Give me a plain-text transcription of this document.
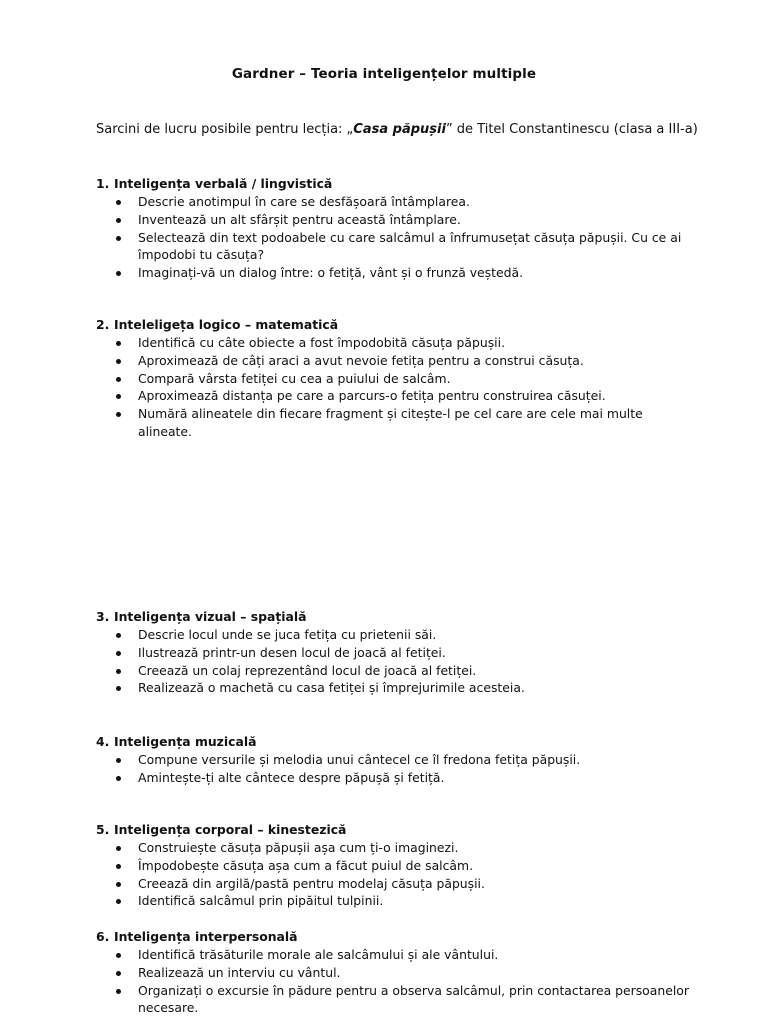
Gardner – Teoria inteligențelor multiple
Sarcini de lucru posibile pentru lecția: „Casa păpușii” de Titel Constantinescu (clasa a III-a)
1. Inteligența verbală / lingvistică
Descrie anotimpul în care se desfășoară întâmplarea.
Inventează un alt sfârșit pentru această întâmplare.
Selectează din text podoabele cu care salcâmul a înfrumusețat căsuța păpușii. Cu ce ai împodobi tu căsuța?
Imaginați-vă un dialog între: o fetiță, vânt și o frunză veștedă.
2. Inteleligeța logico – matematică
Identifică cu câte obiecte a fost împodobită căsuța păpușii.
Aproximează de câți araci a avut nevoie fetița pentru a construi căsuța.
Compară vârsta fetiței cu cea a puiului de salcâm.
Aproximează distanța pe care a parcurs-o fetița pentru construirea căsuței.
Numără alineatele din fiecare fragment și citește-l pe cel care are cele mai multe alineate.
3. Inteligența vizual – spațială
Descrie locul unde se juca fetița cu prietenii săi.
Ilustrează printr-un desen locul de joacă al fetiței.
Creează un colaj reprezentând locul de joacă al fetiței.
Realizează o machetă cu casa fetiței și împrejurimile acesteia.
4. Inteligența muzicală
Compune versurile și melodia unui cântecel ce îl fredona fetița păpușii.
Amintește-ți alte cântece despre păpușă și fetiță.
5. Inteligența corporal – kinestezică
Construiește căsuța păpușii așa cum ți-o imaginezi.
Împodobește căsuța așa cum a făcut puiul de salcâm.
Creează din argilă/pastă pentru modelaj căsuța păpușii.
Identifică salcâmul prin pipăitul tulpinii.
6. Inteligența interpersonală
Identifică trăsăturile morale ale salcâmului și ale vântului.
Realizează un interviu cu vântul.
Organizați o excursie în pădure pentru a observa salcâmul, prin contactarea persoanelor necesare.
